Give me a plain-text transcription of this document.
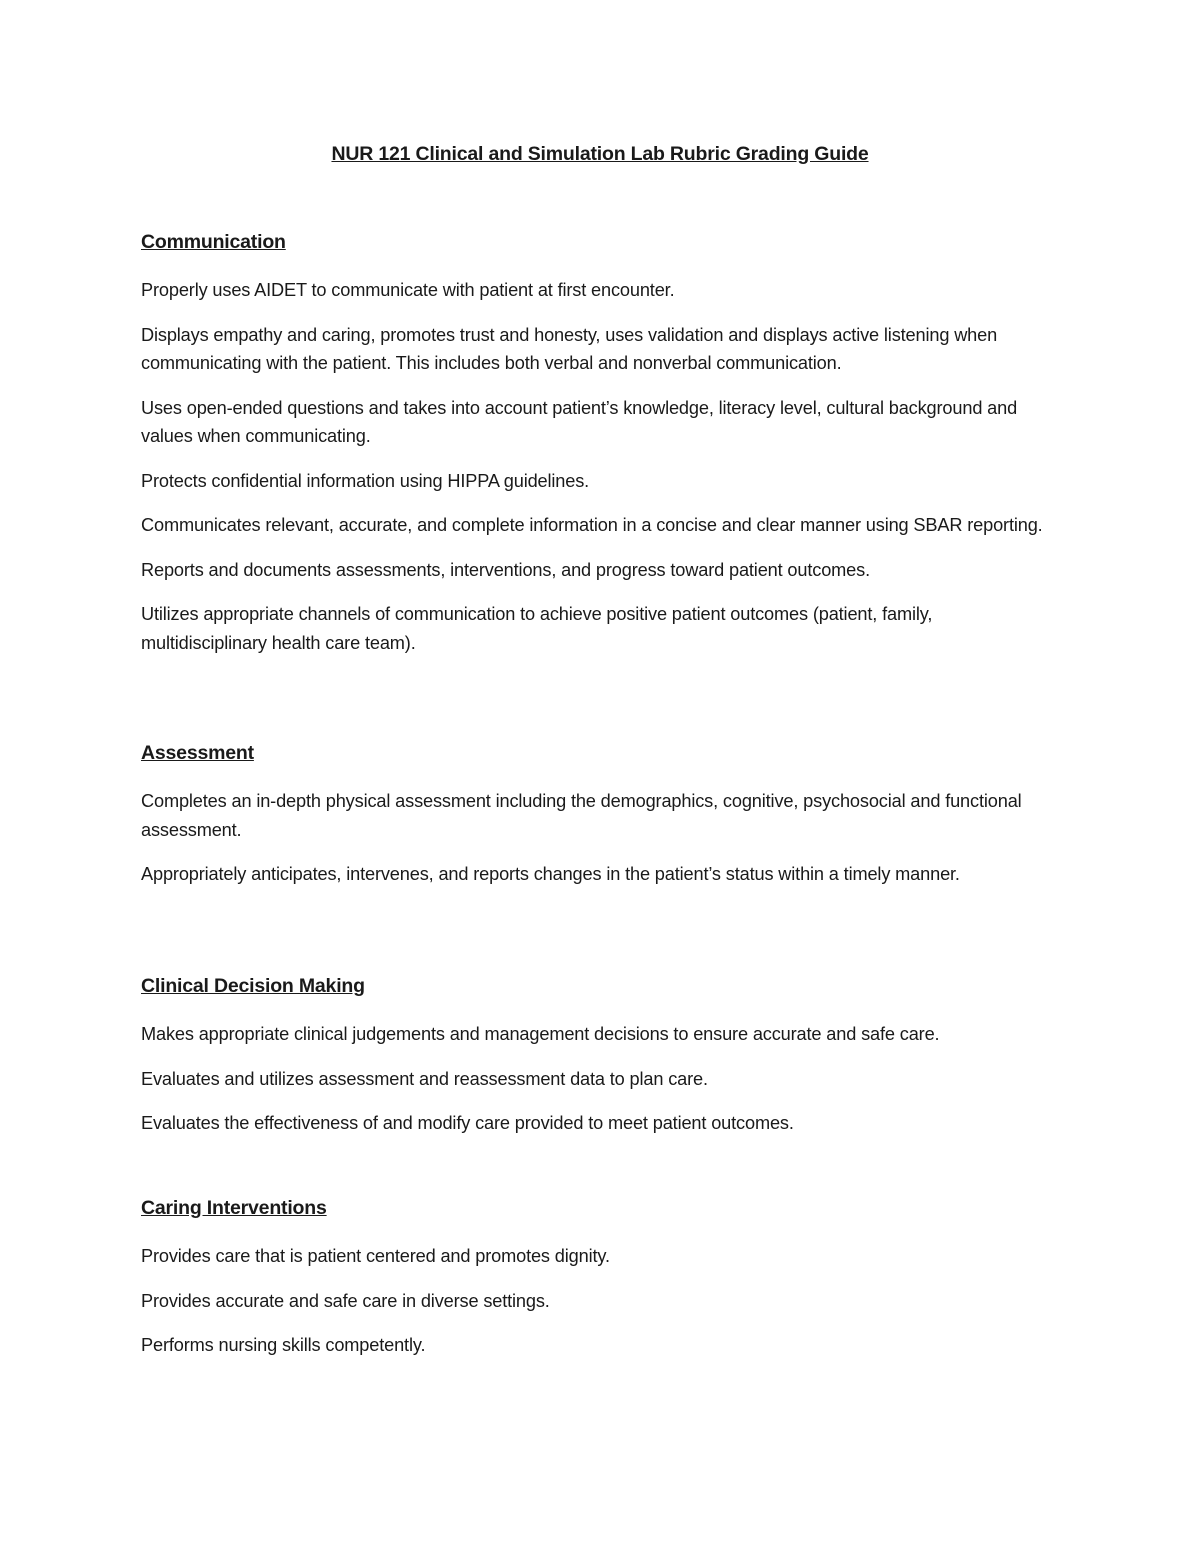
NUR 121 Clinical and Simulation Lab Rubric Grading Guide
Communication

Properly uses AIDET to communicate with patient at first encounter.

Displays empathy and caring, promotes trust and honesty, uses validation and displays active listening when communicating with the patient. This includes both verbal and nonverbal communication.

Uses open-ended questions and takes into account patient’s knowledge, literacy level, cultural background and values when communicating.

Protects confidential information using HIPPA guidelines.

Communicates relevant, accurate, and complete information in a concise and clear manner using SBAR reporting.

Reports and documents assessments, interventions, and progress toward patient outcomes.

Utilizes appropriate channels of communication to achieve positive patient outcomes (patient, family, multidisciplinary health care team).

Assessment

Completes an in-depth physical assessment including the demographics, cognitive, psychosocial and functional assessment.

Appropriately anticipates, intervenes, and reports changes in the patient’s status within a timely manner.

Clinical Decision Making

Makes appropriate clinical judgements and management decisions to ensure accurate and safe care.

Evaluates and utilizes assessment and reassessment data to plan care.

Evaluates the effectiveness of and modify care provided to meet patient outcomes.

Caring Interventions

Provides care that is patient centered and promotes dignity.

Provides accurate and safe care in diverse settings.

Performs nursing skills competently.
